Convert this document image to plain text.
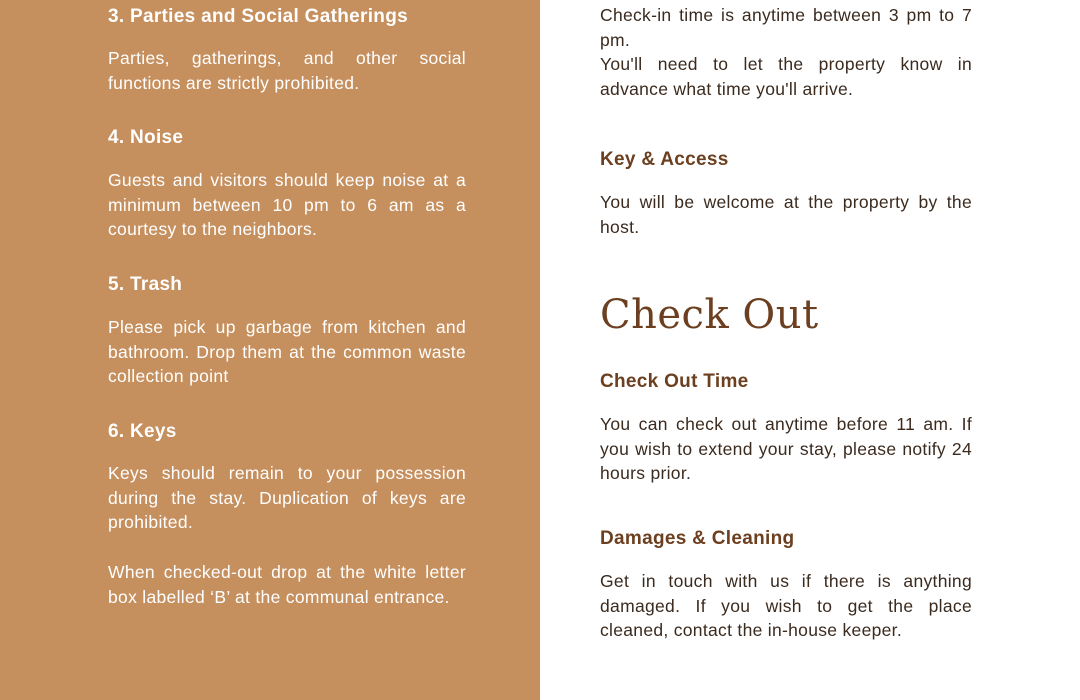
3. Parties and Social Gatherings

Parties, gatherings, and other social functions are strictly prohibited.

4. Noise

Guests and visitors should keep noise at a minimum between 10 pm to 6 am as a courtesy to the neighbors.

5. Trash

Please pick up garbage from kitchen and bathroom. Drop them at the common waste collection point

6. Keys

Keys should remain to your possession during the stay. Duplication of keys are prohibited.

When checked-out drop at the white letter box labelled ‘B’ at the communal entrance.

Check-in time is anytime between 3 pm to 7 pm.

You'll need to let the property know in advance what time you'll arrive.

Key & Access

You will be welcome at the property by the host.

Check Out
Check Out Time

You can check out anytime before 11 am. If you wish to extend your stay, please notify 24 hours prior.

Damages & Cleaning

Get in touch with us if there is anything damaged. If you wish to get the place cleaned, contact the in-house keeper.
